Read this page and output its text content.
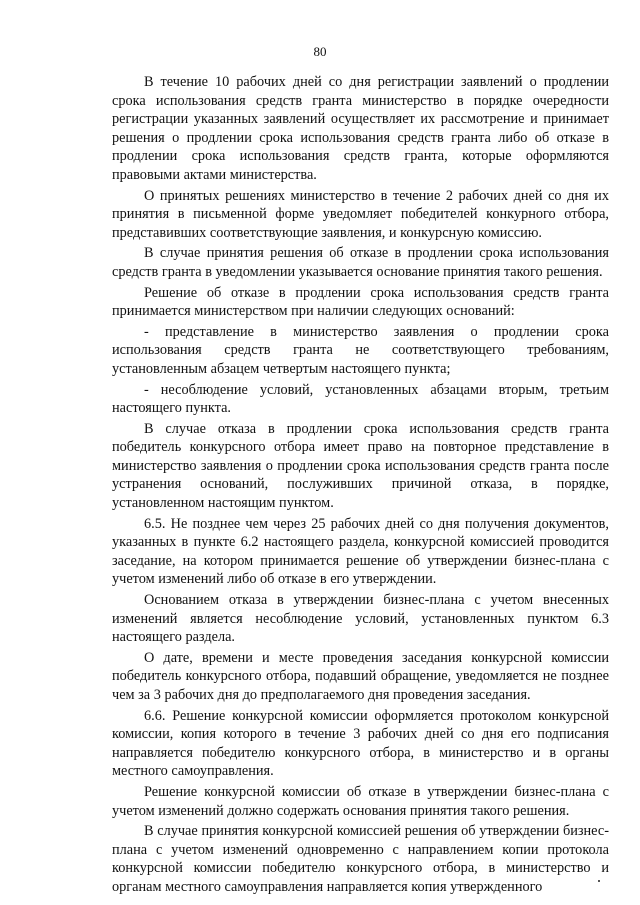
80

В течение 10 рабочих дней со дня регистрации заявлений о продлении срока использования средств гранта министерство в порядке очередности регистрации указанных заявлений осуществляет их рассмотрение и принимает решения о продлении срока использования средств гранта либо об отказе в продлении срока использования средств гранта, которые оформляются правовыми актами министерства.

О принятых решениях министерство в течение 2 рабочих дней со дня их принятия в письменной форме уведомляет победителей конкурного отбора, представивших соответствующие заявления, и конкурсную комиссию.

В случае принятия решения об отказе в продлении срока использования средств гранта в уведомлении указывается основание принятия такого решения.

Решение об отказе в продлении срока использования средств гранта принимается министерством при наличии следующих оснований:

- представление в министерство заявления о продлении срока использования средств гранта не соответствующего требованиям, установленным абзацем четвертым настоящего пункта;

- несоблюдение условий, установленных абзацами вторым, третьим настоящего пункта.

В случае отказа в продлении срока использования средств гранта победитель конкурсного отбора имеет право на повторное представление в министерство заявления о продлении срока использования средств гранта после устранения оснований, послуживших причиной отказа, в порядке, установленном настоящим пунктом.

6.5. Не позднее чем через 25 рабочих дней со дня получения документов, указанных в пункте 6.2 настоящего раздела, конкурсной комиссией проводится заседание, на котором принимается решение об утверждении бизнес-плана с учетом изменений либо об отказе в его утверждении.

Основанием отказа в утверждении бизнес-плана с учетом внесенных изменений является несоблюдение условий, установленных пунктом 6.3 настоящего раздела.

О дате, времени и месте проведения заседания конкурсной комиссии победитель конкурсного отбора, подавший обращение, уведомляется не позднее чем за 3 рабочих дня до предполагаемого дня проведения заседания.

6.6. Решение конкурсной комиссии оформляется протоколом конкурсной комиссии, копия которого в течение 3 рабочих дней со дня его подписания направляется победителю конкурсного отбора, в министерство и в органы местного самоуправления.

Решение конкурсной комиссии об отказе в утверждении бизнес-плана с учетом изменений должно содержать основания принятия такого решения.

В случае принятия конкурсной комиссией решения об утверждении бизнес-плана с учетом изменений одновременно с направлением копии протокола конкурсной комиссии победителю конкурсного отбора, в министерство и органам местного самоуправления направляется копия утвержденного
